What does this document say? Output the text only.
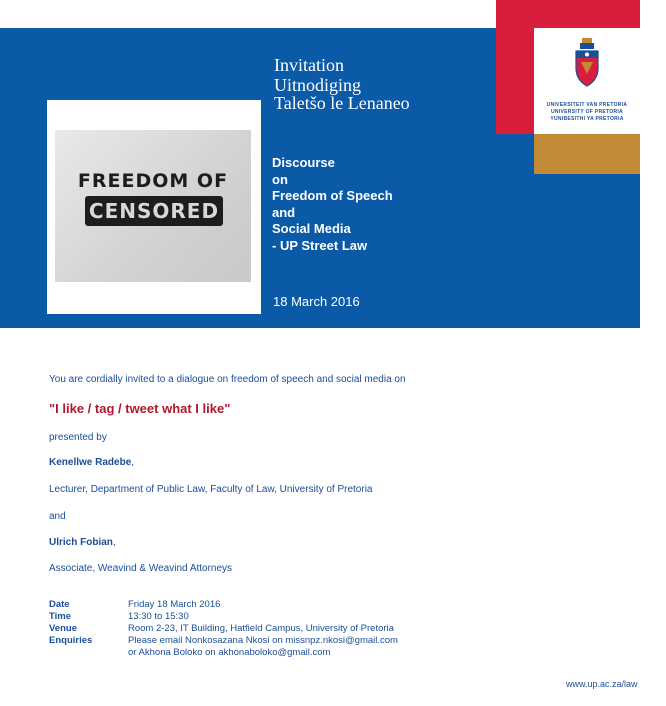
UNIVERSITEIT VAN PRETORIA
UNIVERSITY OF PRETORIA
YUNIBESITHI YA PRETORIA
Invitation
Uitnodiging
Taletšo le Lenaneo
FREEDOM OF
CENSORED
Discourse
on
Freedom of Speech
and
Social Media
- UP Street Law
18 March 2016
You are cordially invited to a dialogue on freedom of speech and social media on
"I like / tag / tweet what I like"
presented by
Kenellwe Radebe,
Lecturer, Department of Public Law, Faculty of Law, University of Pretoria
and
Ulrich Fobian,
Associate, Weavind & Weavind Attorneys
Date	Friday 18 March 2016
Time	13:30 to 15:30
Venue	Room 2-23, IT Building, Hatfield Campus, University of Pretoria
Enquiries	Please email Nonkosazana Nkosi on missnpz.nkosi@gmail.com
or Akhona Boloko on akhonaboloko@gmail.com
www.up.ac.za/law
